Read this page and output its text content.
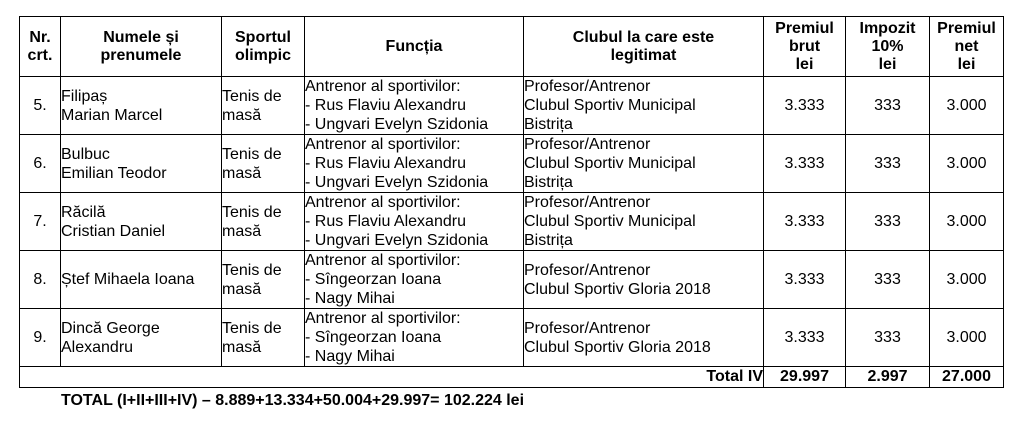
Nr.
crt.	Numele și
prenumele	Sportul
olimpic	Funcția	Clubul la care este
legitimat	Premiul
brut
lei	Impozit
10%
lei	Premiul
net
lei

5.	Filipaș
Marian Marcel	Tenis de
masă	Antrenor al sportivilor:
- Rus Flaviu Alexandru
- Ungvari Evelyn Szidonia	Profesor/Antrenor
Clubul Sportiv Municipal
Bistrița	3.333	333	3.000
6.	Bulbuc
Emilian Teodor	Tenis de
masă	Antrenor al sportivilor:
- Rus Flaviu Alexandru
- Ungvari Evelyn Szidonia	Profesor/Antrenor
Clubul Sportiv Municipal
Bistrița	3.333	333	3.000
7.	Răcilă
Cristian Daniel	Tenis de
masă	Antrenor al sportivilor:
- Rus Flaviu Alexandru
- Ungvari Evelyn Szidonia	Profesor/Antrenor
Clubul Sportiv Municipal
Bistrița	3.333	333	3.000
8.	Ștef Mihaela Ioana	Tenis de
masă	Antrenor al sportivilor:
- Sîngeorzan Ioana
- Nagy Mihai	Profesor/Antrenor
Clubul Sportiv Gloria 2018	3.333	333	3.000
9.	Dincă George
Alexandru	Tenis de
masă	Antrenor al sportivilor:
- Sîngeorzan Ioana
- Nagy Mihai	Profesor/Antrenor
Clubul Sportiv Gloria 2018	3.333	333	3.000
Total IV					29.997	2.997	27.000
TOTAL (I+II+III+IV) – 8.889+13.334+50.004+29.997= 102.224 lei
